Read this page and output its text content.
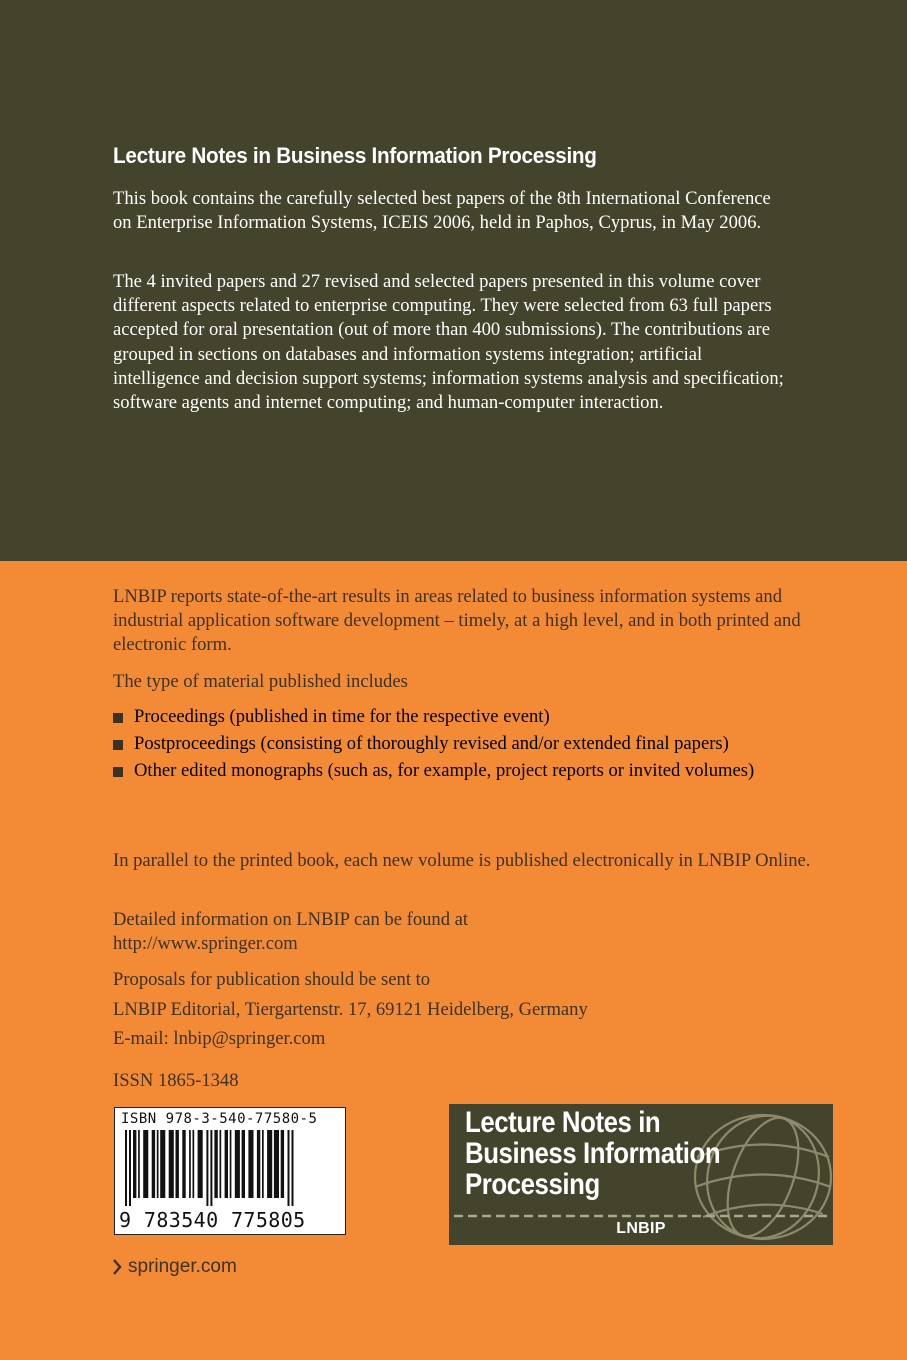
Lecture Notes in Business Information Processing

This book contains the carefully selected best papers of the 8th International Conference on Enterprise Information Systems, ICEIS 2006, held in Paphos, Cyprus, in May 2006.

The 4 invited papers and 27 revised and selected papers presented in this volume cover different aspects related to enterprise computing. They were selected from 63 full papers accepted for oral presentation (out of more than 400 submissions). The contributions are grouped in sections on databases and information systems integration; artificial intelligence and decision support systems; information systems analysis and specification; software agents and internet computing; and human-computer interaction.

LNBIP reports state-of-the-art results in areas related to business information systems and industrial application software development – timely, at a high level, and in both printed and electronic form.

The type of material published includes

Proceedings (published in time for the respective event)
Postproceedings (consisting of thoroughly revised and/or extended final papers)
Other edited monographs (such as, for example, project reports or invited volumes)

In parallel to the printed book, each new volume is published electronically in LNBIP Online.

Detailed information on LNBIP can be found at http://www.springer.com

Proposals for publication should be sent to

LNBIP Editorial, Tiergartenstr. 17, 69121 Heidelberg, Germany

E-mail: lnbip@springer.com

ISSN 1865-1348

ISBN 978-3-540-77580-5
9 783540 775805
springer.com
Lecture Notes in
Business Information
Processing
LNBIP
